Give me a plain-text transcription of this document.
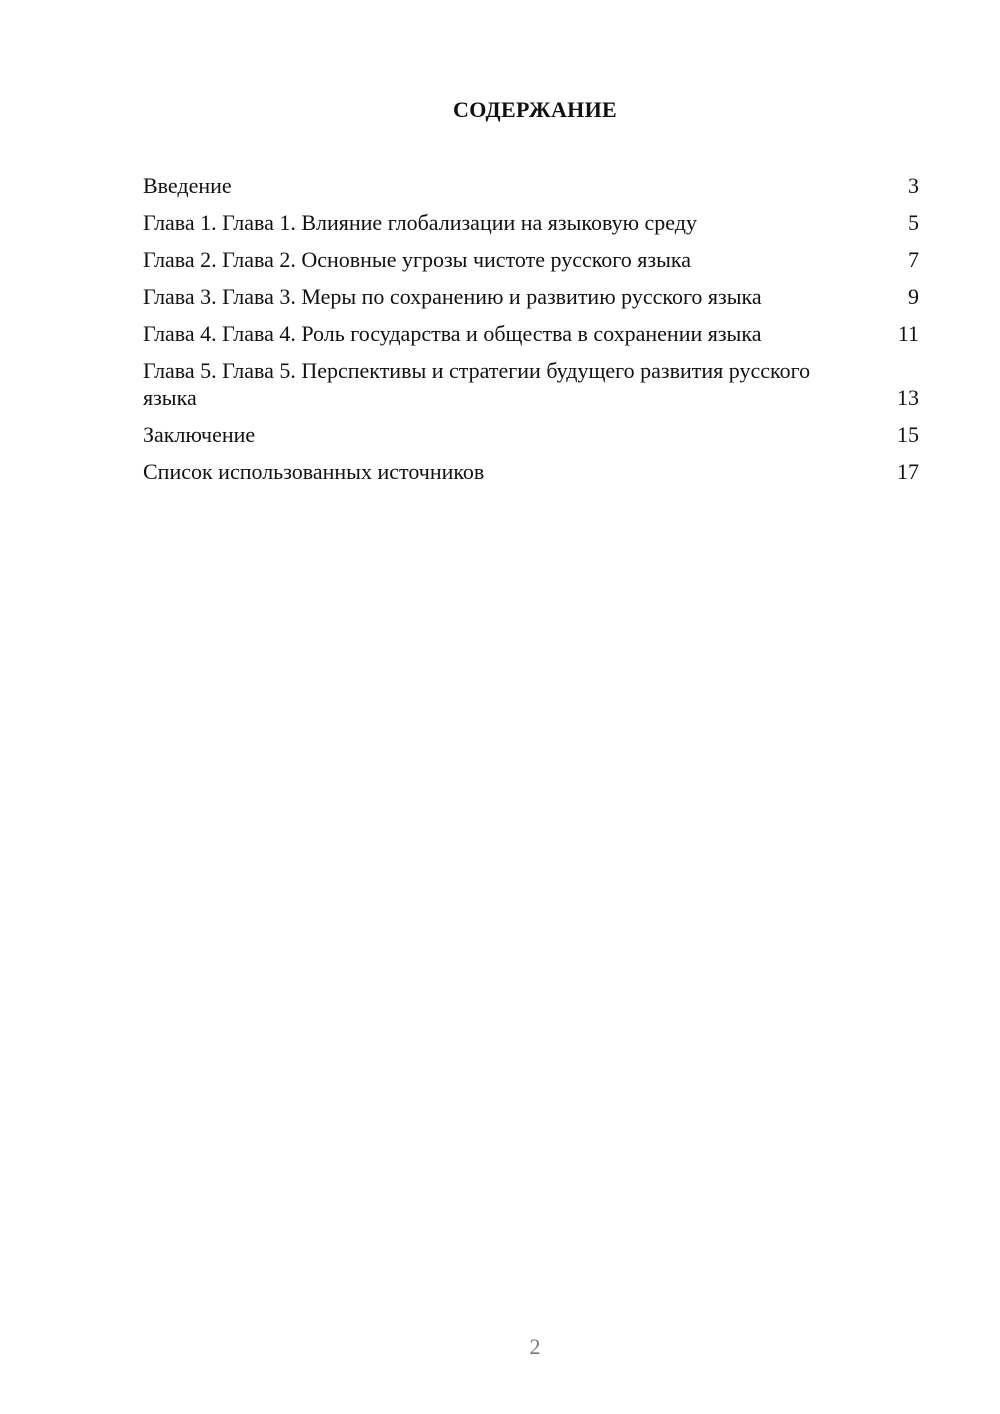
СОДЕРЖАНИЕ
Введение	3
Глава 1. Глава 1. Влияние глобализации на языковую среду	5
Глава 2. Глава 2. Основные угрозы чистоте русского языка	7
Глава 3. Глава 3. Меры по сохранению и развитию русского языка	9
Глава 4. Глава 4. Роль государства и общества в сохранении языка	11
Глава 5. Глава 5. Перспективы и стратегии будущего развития русского языка	13
Заключение	15
Список использованных источников	17
2
